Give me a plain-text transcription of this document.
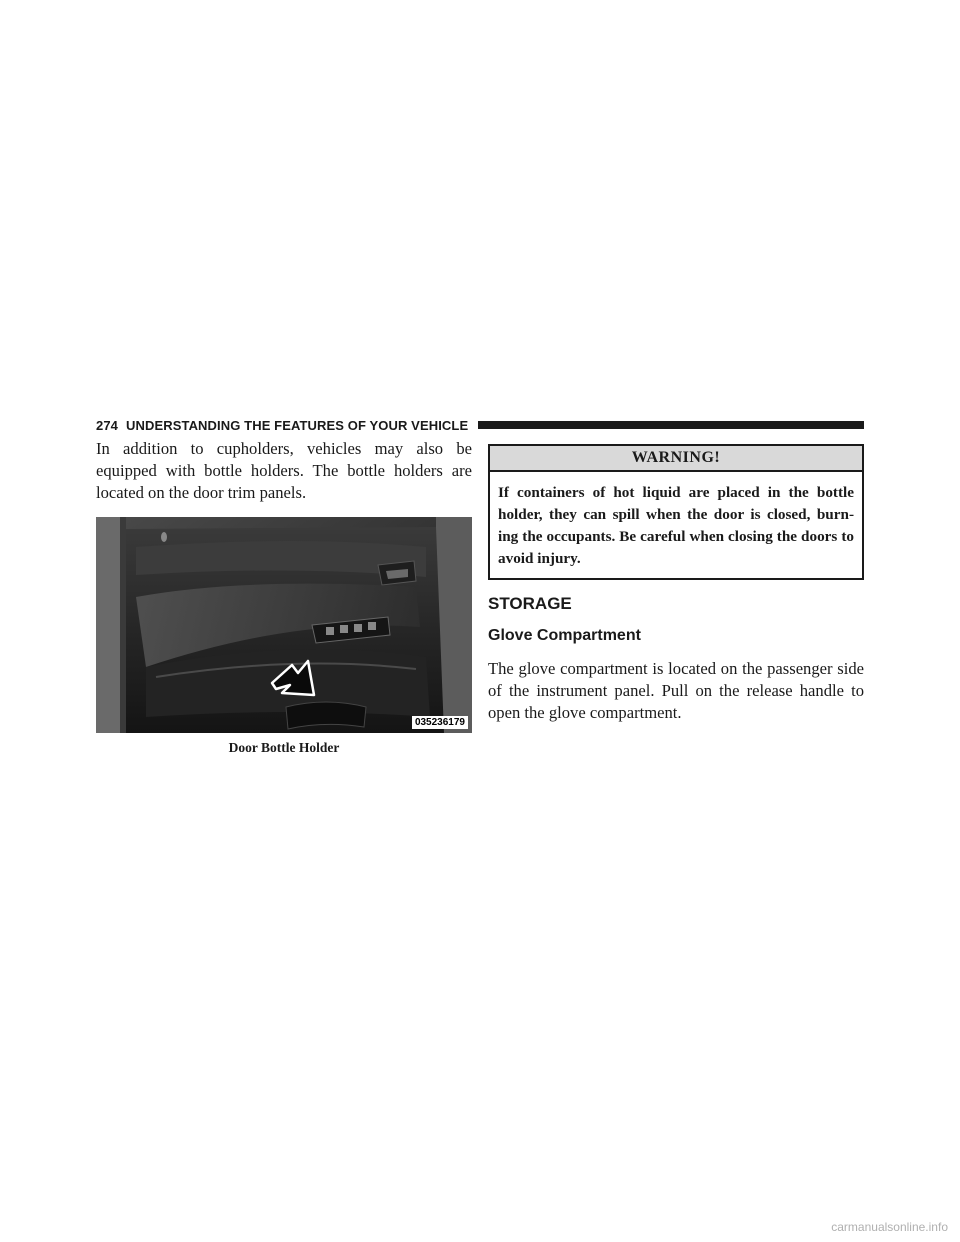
274 UNDERSTANDING THE FEATURES OF YOUR VEHICLE

In addition to cupholders, vehicles may also be equipped with bottle holders. The bottle holders are located on the door trim panels.

035236179
Door Bottle Holder
WARNING!

If containers of hot liquid are placed in the bottle holder, they can spill when the door is closed, burn- ing the occupants. Be careful when closing the doors to avoid injury.

STORAGE
Glove Compartment

The glove compartment is located on the passenger side of the instrument panel. Pull on the release handle to open the glove compartment.

carmanualsonline.info
